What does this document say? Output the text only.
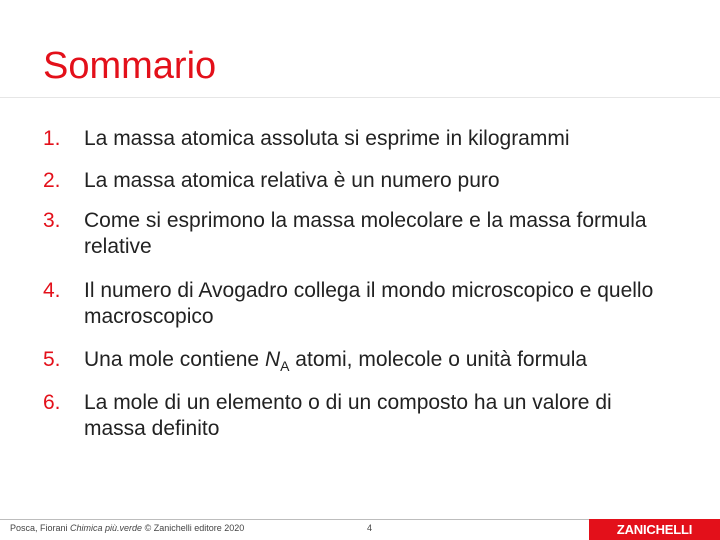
Sommario
1. La massa atomica assoluta si esprime in kilogrammi
2. La massa atomica relativa è un numero puro
3. Come si esprimono la massa molecolare e la massa formula relative
4. Il numero di Avogadro collega il mondo microscopico e quello macroscopico
5. Una mole contiene $N_A$ atomi, molecole o unità formula
6. La mole di un elemento o di un composto ha un valore di massa definito
Posca, Fiorani Chimica più.verde © Zanichelli editore 2020	4	ZANICHELLI
